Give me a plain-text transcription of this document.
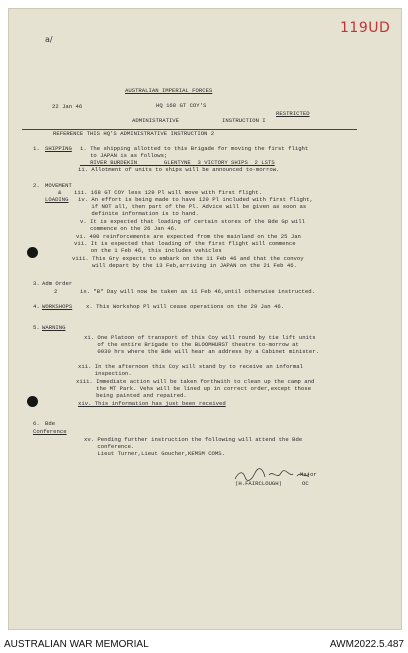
119UD
a/
AUSTRALIAN IMPERIAL FORCES
HQ 168 GT COY'S
22 Jan 46
RESTRICTED
ADMINISTRATIVE	INSTRUCTION I
REFERENCE THIS HQ'S ADMINISTRATIVE INSTRUCTION 2
1. SHIPPING i. The shipping allotted to this Brigade for moving the first flight
to JAPAN is as follows;
RIVER BURDEKIN        GLENTYNE  3 VICTORY SHIPS  2 LSTS
ii. Allotment of units to ships will be announced to-morrow.
2. MOVEMENT
&
LOADING
iii. 168 GT COY less 129 Pl will move with first flight.
iv. An effort is being made to have 129 Pl included with first flight,
if NOT all, then part of the Pl. Advice will be given as soon as
definite information is to hand.
v. It is expected that loading of certain stores of the Bde Gp will
commence on the 26 Jan 46.
vi. 400 reinforcements are expected from the mainland on the 25 Jan
vii. It is expected that loading of the first flight will commence
on the 1 Feb 46, this includes vehicles
viii. This Gry expects to embark on the 11 Feb 46 and that the convoy
will depart by the 13 Feb,arriving in JAPAN on the 21 Feb 46.
3. Adm Order
2	ix. "B" Day will now be taken as 11 Feb 46,until otherwise instructed.
4. WORKSHOPS x. This Workshop Pl will cease operations on the 29 Jan 46.
5. WARNING
xi. One Platoon of transport of this Coy will round by tie lift units
of the entire Brigade to the BLOOMHURST theatre to-morrow at
0930 hrs where the Bde will hear an address by a Cabinet minister.
xii. In the afternoon this Coy will stand by to receive an informal
inspection.
xiii. Immediate action will be taken forthwith to clean up the camp and
the MT Park. Vehs will be lined up in correct order,except those
being painted and repaired.
xiv. This information has just been received
6. Bde
Conference
xv. Pending further instruction the following will attend the Bde
conference.
Lieut Turner,Lieut Goucher,KEMSM COMS.
Major
(H.FAIRCLOUGH)	OC
AUSTRALIAN WAR MEMORIAL	AWM2022.5.487
